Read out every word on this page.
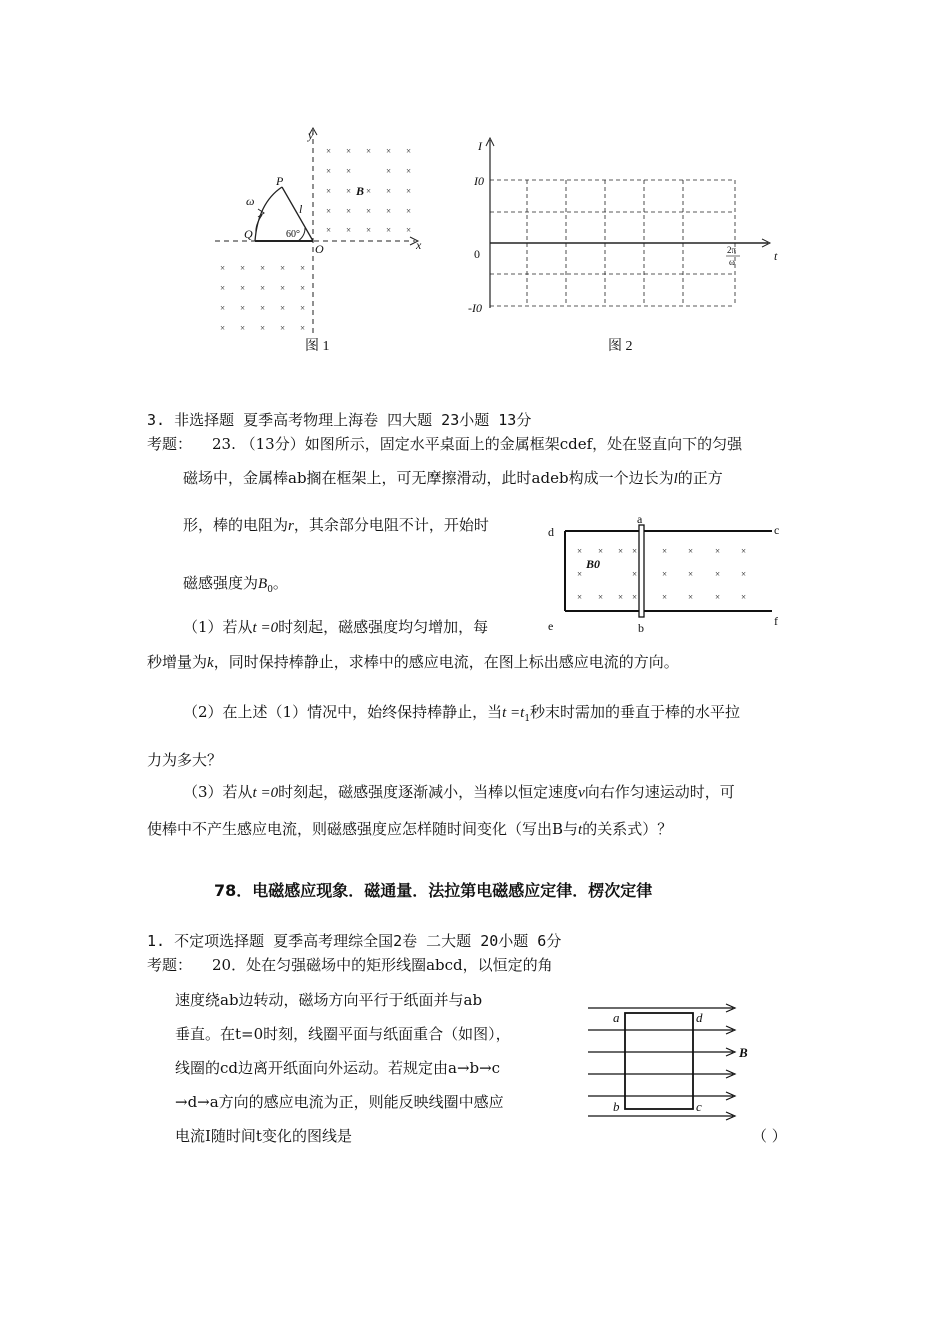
× × × × ×
× ×	× ×
× × × × ×
× × × × ×
× × × × ×
× × × × ×
× × × × ×
× × × × ×
× × × × ×
y
x
O
P
Q
l
ω
60°
B
图 1
I
I0
0
-I0
t
2π
ω
图 2
3. 非选择题 夏季高考物理上海卷 四大题 23小题 13分
考题： 23. （13分）如图所示，固定水平桌面上的金属框架cdef，处在竖直向下的匀强
磁场中，金属棒ab搁在框架上，可无摩擦滑动，此时adeb构成一个边长为l的正方
形，棒的电阻为r，其余部分电阻不计，开始时
磁感强度为$B_0$。
（1）若从t =0时刻起，磁感强度均匀增加，每
秒增量为k，同时保持棒静止，求棒中的感应电流，在图上标出感应电流的方向。
（2）在上述（1）情况中，始终保持棒静止，当$t =t_1$秒末时需加的垂直于棒的水平拉
力为多大？
（3）若从t =0时刻起，磁感强度逐渐减小，当棒以恒定速度v向右作匀速运动时，可
使棒中不产生感应电流，则磁感强度应怎样随时间变化（写出B与t的关系式）？
× × × ×	× × × ×
×	×	× × × ×
× × × ×	× × × ×
d
a
c
e	b	f
B0
78．电磁感应现象．磁通量．法拉第电磁感应定律．楞次定律
1. 不定项选择题 夏季高考理综全国2卷 二大题 20小题 6分
考题： 20．处在匀强磁场中的矩形线圈abcd，以恒定的角
速度绕ab边转动，磁场方向平行于纸面并与ab
垂直。在t=0时刻，线圈平面与纸面重合（如图），
线圈的cd边离开纸面向外运动。若规定由a→b→c
→d→a方向的感应电流为正，则能反映线圈中感应
电流I随时间t变化的图线是	（ ）
a	d
b	c
B
